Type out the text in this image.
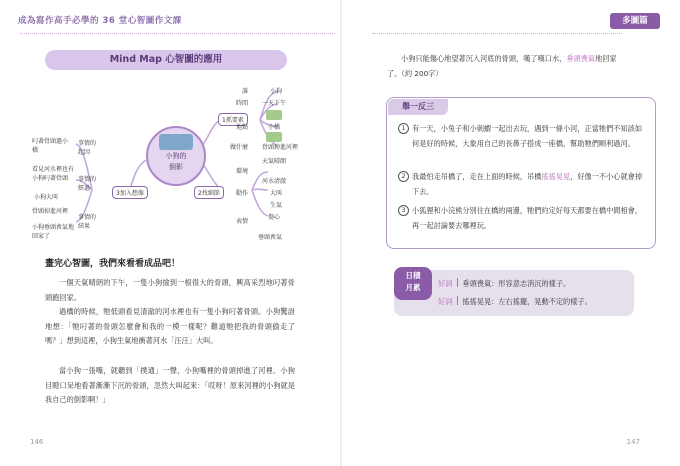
成為寫作高手必學的 36 堂心智圖作文課	多圖篇
Mind Map 心智圖的應用
小狗的
倒影
1抓要素
誰	小狗
時間 一天下午
地點	小橋
做什麼 骨頭掉進河裡
2找細節
環境
天氣晴朗
河水清澈
動作	大叫
生氣
表情
傷心
垂頭喪氣
3加入想像
事情的起因
叼著骨頭過小橋
事情的經過
看見河水裡也有小狗叼著骨頭
小狗大叫
事情的結果
骨頭掉進河裡
小狗垂頭喪氣地回家了
畫完心智圖，我們來看看成品吧！
一個天氣晴朗的下午，一隻小狗撿到一根很大的骨頭，興高采烈地叼著骨頭跑回家。
過橋的時候，牠低頭看見清澈的河水裡也有一隻小狗叼著骨頭。小狗驚訝地想：「牠叼著的骨頭怎麼會和我的一模一樣呢？難道牠把我的骨頭偷走了嗎？」想到這裡，小狗生氣地衝著河水「汪汪」大叫。
當小狗一張嘴，就聽到「撲通」一聲，小狗嘴裡的骨頭掉進了河裡。小狗目瞪口呆地看著漸漸下沉的骨頭，忽然大叫起來：「哎呀！原來河裡的小狗就是我自己的倒影啊！」
146
小狗只能傷心地望著沉入河底的骨頭，嘆了嘆口水，垂頭喪氣地回家了。（約 200字）
舉一反三
1 有一天，小兔子和小刺蝟一起出去玩，遇到一條小河，正當牠們不知該如何是好的時候，大象用自己的長鼻子搭成一座橋，幫助牠們順利過河。
2 我最怕走吊橋了，走在上面的時候，吊橋搖搖晃晃，好像一不小心就會掉下去。
3 小狐狸和小浣熊分別住在橋的兩邊，牠們約定好每天都要在橋中間相會，再一起討論要去哪裡玩。
日積
月累	好詞 垂頭喪氣：形容意志消沉的樣子。
好詞 搖搖晃晃：左右搖擺，晃動不定的樣子。
147
